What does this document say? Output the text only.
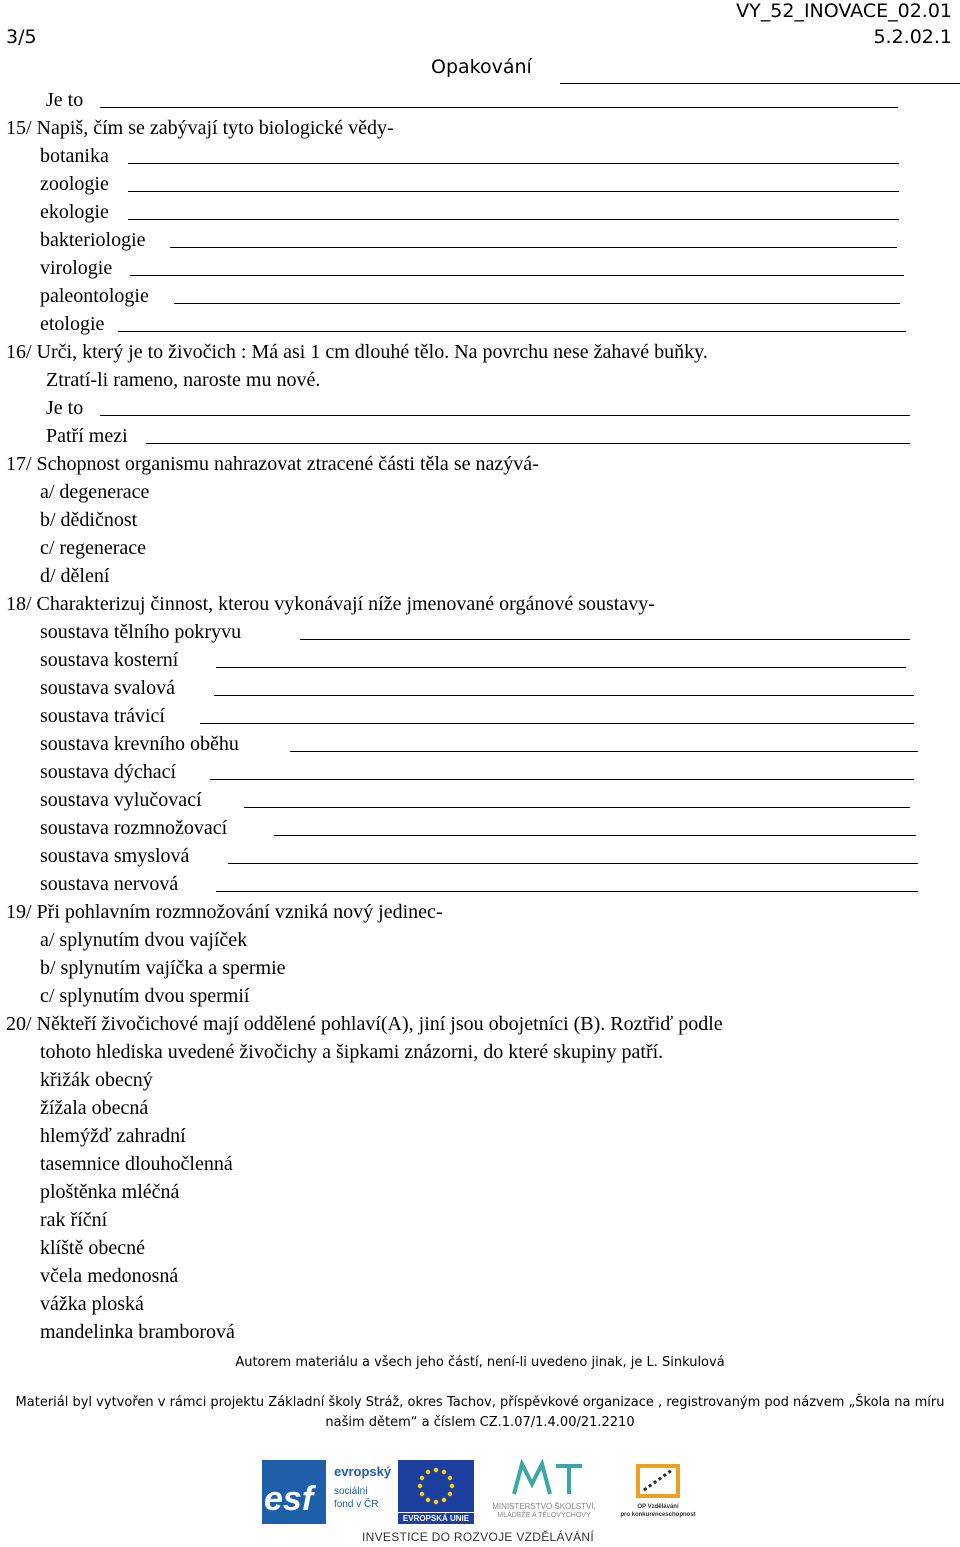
3/5
VY_52_INOVACE_02.01
5.2.02.1
Opakování
Je to
15/ Napiš, čím se zabývají tyto biologické vědy-
botanika
zoologie
ekologie
bakteriologie
virologie
paleontologie
etologie
16/ Urči, který je to živočich : Má asi 1 cm dlouhé tělo. Na povrchu nese žahavé buňky.
Ztratí-li rameno, naroste mu nové.
Je to
Patří mezi
17/ Schopnost organismu nahrazovat ztracené části těla se nazývá-
a/ degenerace
b/ dědičnost
c/ regenerace
d/ dělení
18/ Charakterizuj činnost, kterou vykonávají níže jmenované orgánové soustavy-
soustava tělního pokryvu
soustava kosterní
soustava svalová
soustava trávicí
soustava krevního oběhu
soustava dýchací
soustava vylučovací
soustava rozmnožovací
soustava smyslová
soustava nervová
19/ Při pohlavním rozmnožování vzniká nový jedinec-
a/ splynutím dvou vajíček
b/ splynutím vajíčka a spermie
c/ splynutím dvou spermií
20/ Někteří živočichové mají oddělené pohlaví(A), jiní jsou obojetníci (B). Roztřiď podle
tohoto hlediska uvedené živočichy a šipkami znázorni, do které skupiny patří.
křižák obecný
žížala obecná
hlemýžď zahradní
tasemnice dlouhočlenná
ploštěnka mléčná
rak říční
klíště obecné
včela medonosná
vážka ploská
mandelinka bramborová
Autorem materiálu a všech jeho částí, není-li uvedeno jinak, je L. Sinkulová
Materiál byl vytvořen v rámci projektu Základní školy Stráž, okres Tachov, příspěvkové organizace , registrovaným pod názvem „Škola na míru
našim dětem“ a číslem CZ.1.07/1.4.00/21.2210
esf
evropský
sociální
fond v ČR
EVROPSKÁ UNIE
MINISTERSTVO ŠKOLSTVÍ,
MLÁDEŽE A TĚLOVÝCHOVY
OP Vzdělávání
pro konkurenceschopnost
INVESTICE DO ROZVOJE VZDĚLÁVÁNÍ
